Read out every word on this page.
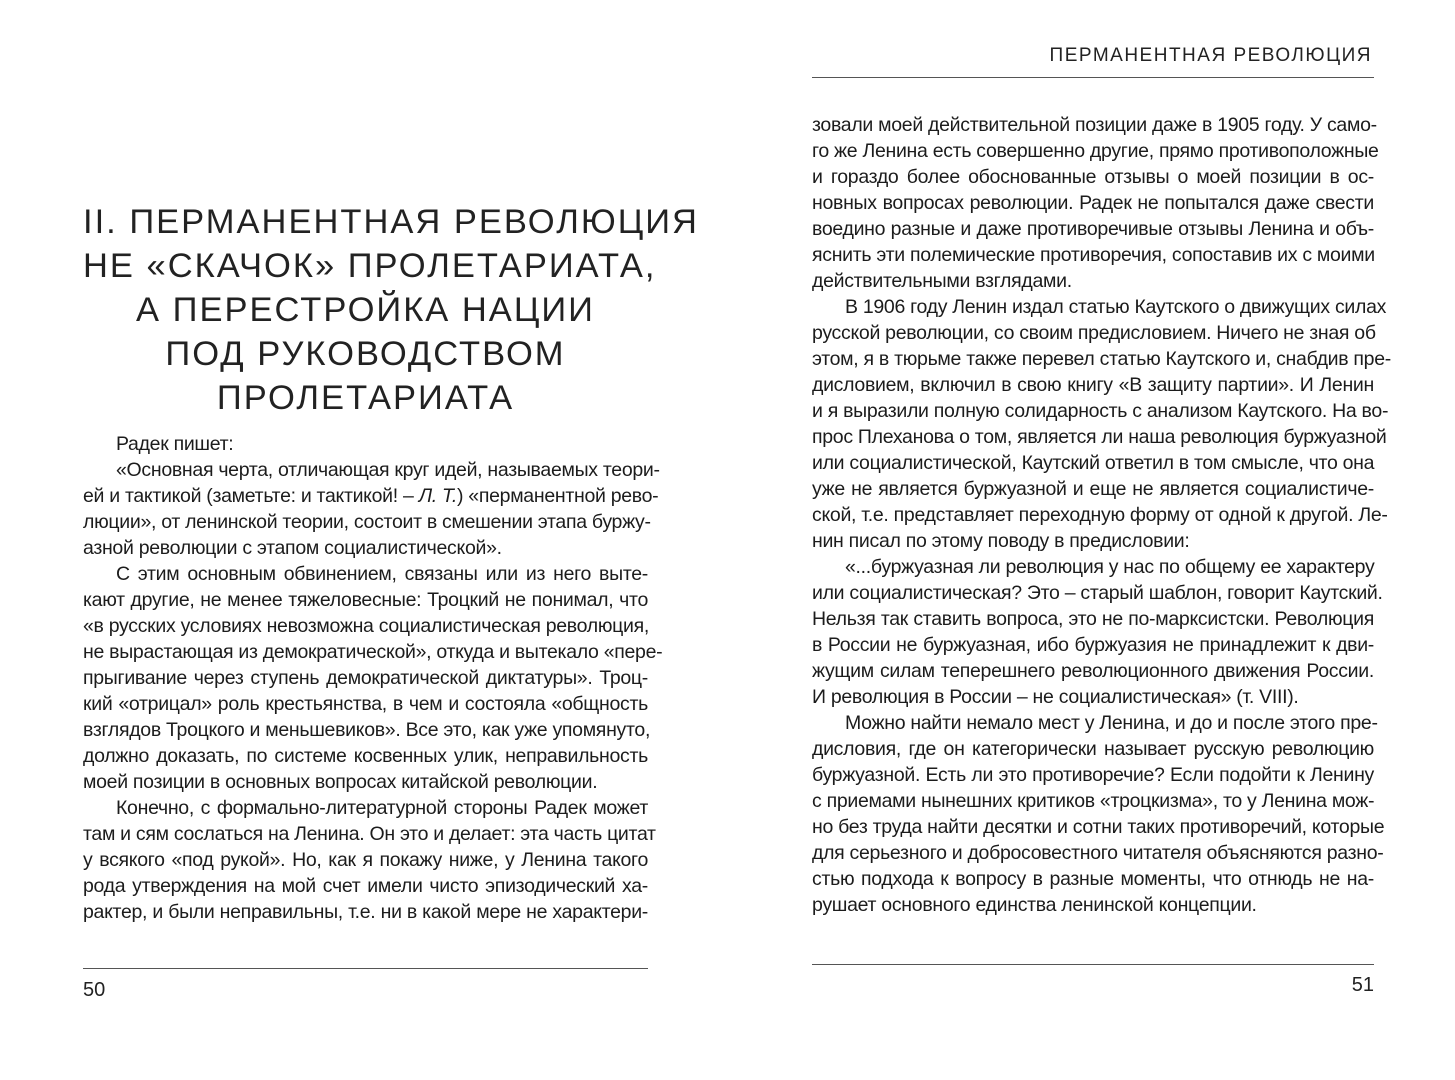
II. ПЕРМАНЕНТНАЯ РЕВОЛЮЦИЯ
НЕ «СКАЧОК» ПРОЛЕТАРИАТА,
А ПЕРЕСТРОЙКА НАЦИИ
ПОД РУКОВОДСТВОМ
ПРОЛЕТАРИАТА
Радек пишет:
«Основная черта, отличающая круг идей, называемых теори-
ей и тактикой (заметьте: и тактикой! – Л. Т.) «перманентной рево-
люции», от ленинской теории, состоит в смешении этапа буржу-
азной революции с этапом социалистической».
С этим основным обвинением, связаны или из него выте-
кают другие, не менее тяжеловесные: Троцкий не понимал, что
«в русских условиях невозможна социалистическая революция,
не вырастающая из демократической», откуда и вытекало «пере-
прыгивание через ступень демократической диктатуры». Троц-
кий «отрицал» роль крестьянства, в чем и состояла «общность
взглядов Троцкого и меньшевиков». Все это, как уже упомянуто,
должно доказать, по системе косвенных улик, неправильность
моей позиции в основных вопросах китайской революции.
Конечно, с формально-литературной стороны Радек может
там и сям сослаться на Ленина. Он это и делает: эта часть цитат
у всякого «под рукой». Но, как я покажу ниже, у Ленина такого
рода утверждения на мой счет имели чисто эпизодический ха-
рактер, и были неправильны, т.е. ни в какой мере не характери-
50
ПЕРМАНЕНТНАЯ РЕВОЛЮЦИЯ
зовали моей действительной позиции даже в 1905 году. У само-
го же Ленина есть совершенно другие, прямо противоположные
и гораздо более обоснованные отзывы о моей позиции в ос-
новных вопросах революции. Радек не попытался даже свести
воедино разные и даже противоречивые отзывы Ленина и объ-
яснить эти полемические противоречия, сопоставив их с моими
действительными взглядами.
В 1906 году Ленин издал статью Каутского о движущих силах
русской революции, со своим предисловием. Ничего не зная об
этом, я в тюрьме также перевел статью Каутского и, снабдив пре-
дисловием, включил в свою книгу «В защиту партии». И Ленин
и я выразили полную солидарность с анализом Каутского. На во-
прос Плеханова о том, является ли наша революция буржуазной
или социалистической, Каутский ответил в том смысле, что она
уже не является буржуазной и еще не является социалистиче-
ской, т.е. представляет переходную форму от одной к другой. Ле-
нин писал по этому поводу в предисловии:
«...буржуазная ли революция у нас по общему ее характеру
или социалистическая? Это – старый шаблон, говорит Каутский.
Нельзя так ставить вопроса, это не по-марксистски. Революция
в России не буржуазная, ибо буржуазия не принадлежит к дви-
жущим силам теперешнего революционного движения России.
И революция в России – не социалистическая» (т. VIII).
Можно найти немало мест у Ленина, и до и после этого пре-
дисловия, где он категорически называет русскую революцию
буржуазной. Есть ли это противоречие? Если подойти к Ленину
с приемами нынешних критиков «троцкизма», то у Ленина мож-
но без труда найти десятки и сотни таких противоречий, которые
для серьезного и добросовестного читателя объясняются разно-
стью подхода к вопросу в разные моменты, что отнюдь не на-
рушает основного единства ленинской концепции.
51
